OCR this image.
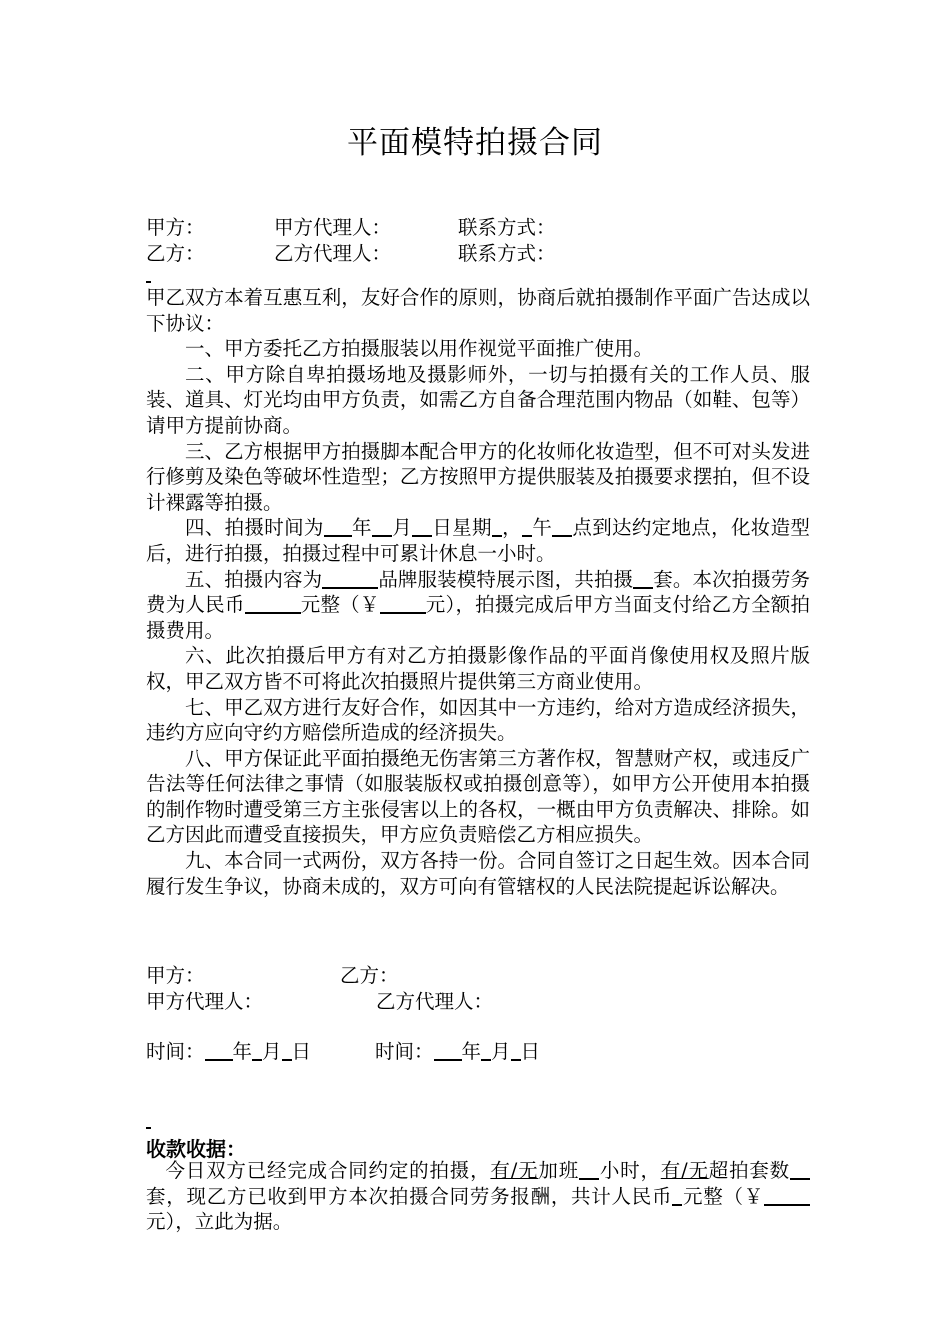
平面模特拍摄合同
甲方：	甲方代理人：	联系方式：
乙方：	乙方代理人：	联系方式：

甲乙双方本着互惠互利，友好合作的原则，协商后就拍摄制作平面广告达成以下协议：

一、甲方委托乙方拍摄服装以用作视觉平面推广使用。

二、甲方除自卑拍摄场地及摄影师外，一切与拍摄有关的工作人员、服装、道具、灯光均由甲方负责，如需乙方自备合理范围内物品（如鞋、包等）请甲方提前协商。

三、乙方根据甲方拍摄脚本配合甲方的化妆师化妆造型，但不可对头发进行修剪及染色等破坏性造型；乙方按照甲方提供服装及拍摄要求摆拍，但不设计裸露等拍摄。

四、拍摄时间为 年 月 日星期 ， 午 点到达约定地点，化妆造型后，进行拍摄，拍摄过程中可累计休息一小时。

五、拍摄内容为	品牌服装模特展示图，共拍摄 套。本次拍摄劳务费为人民币	元整（￥ 元），拍摄完成后甲方当面支付给乙方全额拍摄费用。

六、此次拍摄后甲方有对乙方拍摄影像作品的平面肖像使用权及照片版权，甲乙双方皆不可将此次拍摄照片提供第三方商业使用。

七、甲乙双方进行友好合作，如因其中一方违约，给对方造成经济损失，违约方应向守约方赔偿所造成的经济损失。

八、甲方保证此平面拍摄绝无伤害第三方著作权，智慧财产权，或违反广告法等任何法律之事情（如服装版权或拍摄创意等），如甲方公开使用本拍摄的制作物时遭受第三方主张侵害以上的各权，一概由甲方负责解决、排除。如乙方因此而遭受直接损失，甲方应负责赔偿乙方相应损失。

九、本合同一式两份，双方各持一份。合同自签订之日起生效。因本合同履行发生争议，协商未成的，双方可向有管辖权的人民法院提起诉讼解决。

甲方：	乙方：
甲方代理人：	乙方代理人：
时间： 年 月 日	时间： 年 月 日
收款收据：

今日双方已经完成合同约定的拍摄，有/无加班 小时，有/无超拍套数套，现乙方已收到甲方本次拍摄合同劳务报酬，共计人民币 元整（￥元），立此为据。
